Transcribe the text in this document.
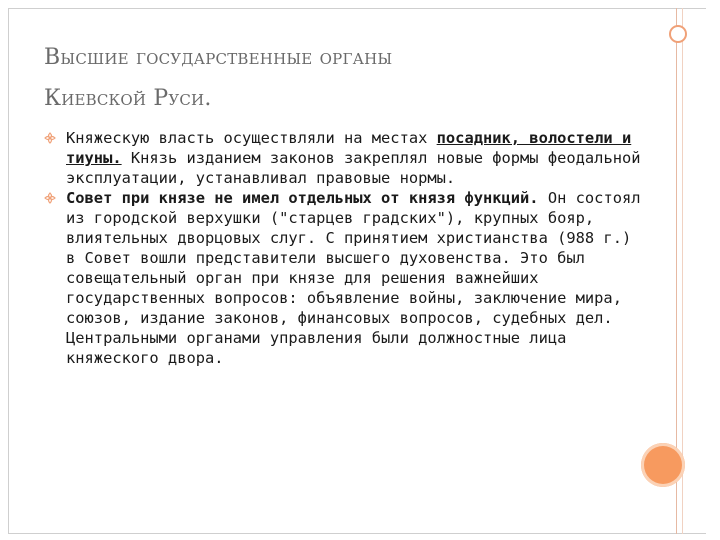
Высшие государственные органы
Киевской Руси.

Княжескую власть осуществляли на местах посадник, волостели и тиуны. Князь изданием законов закреплял новые формы феодальной эксплуатации, устанавливал правовые нормы.

Совет при князе не имел отдельных от князя функций. Он состоял из городской верхушки ("старцев градских"), крупных бояр, влиятельных дворцовых слуг. С принятием христианства (988 г.) в Совет вошли представители высшего духовенства. Это был совещательный орган при князе для решения важнейших государственных вопросов: объявление войны, заключение мира, союзов, издание законов, финансовых вопросов, судебных дел. Центральными органами управления были должностные лица княжеского двора.
